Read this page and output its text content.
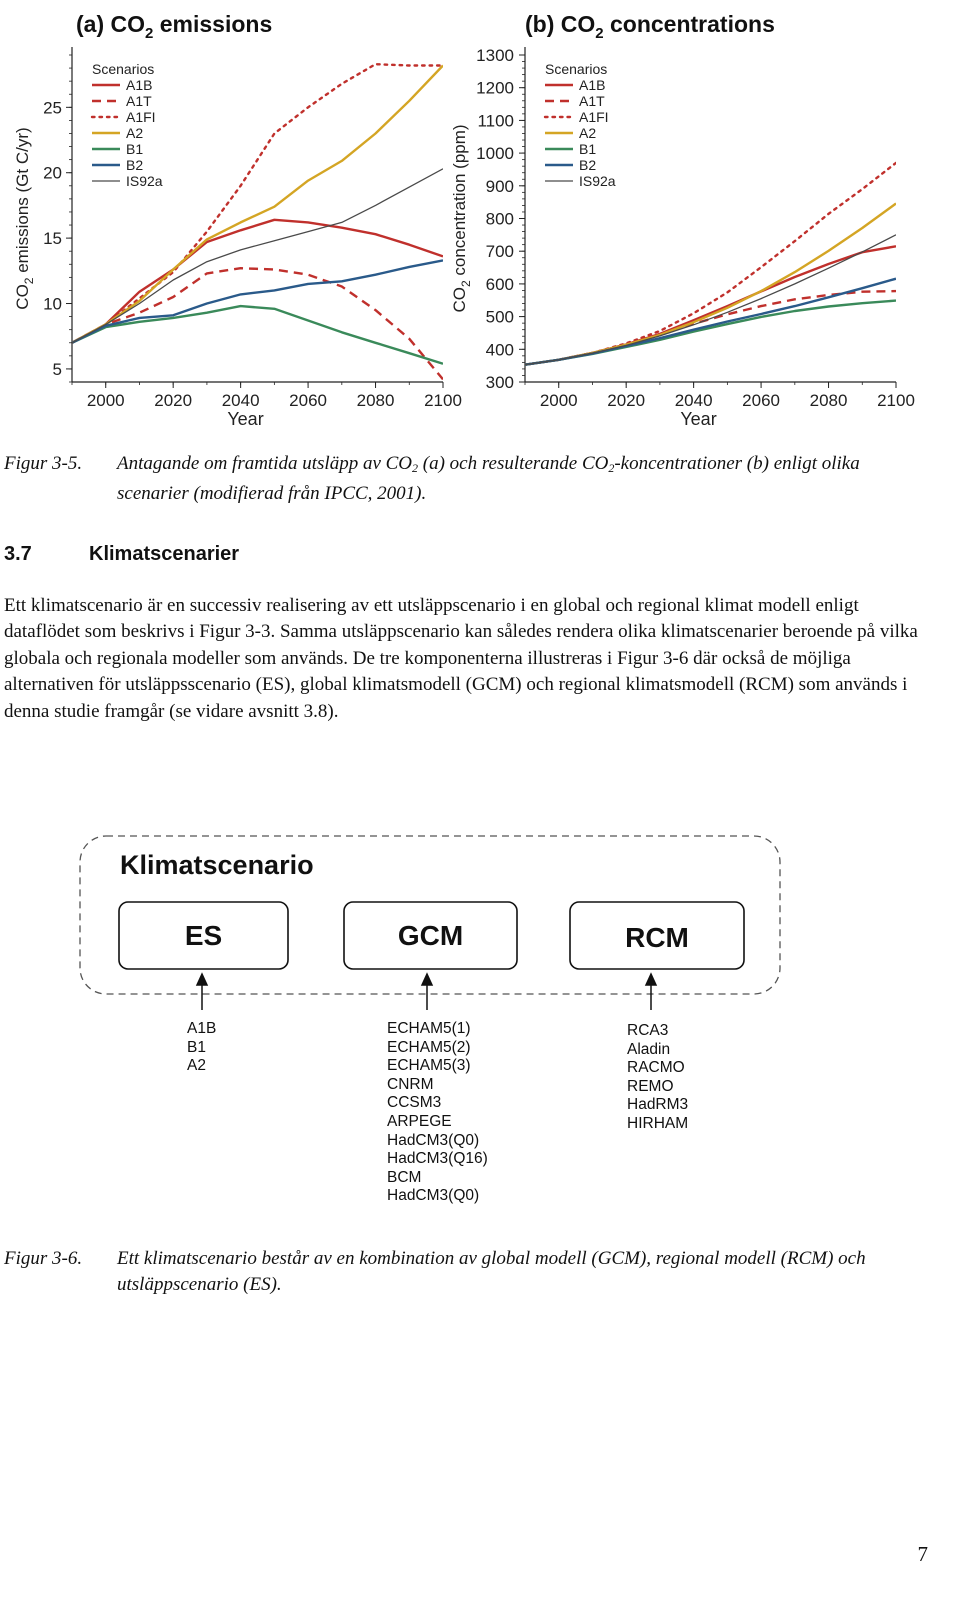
(a) $CO_2$ emissions
5
10
15
20
25
2000 2020 2040 2060 2080 2100
Year
$CO_2$ emissions (Gt C/yr)
Scenarios
A1B
A1T
A1FI
A2
B1
B2
IS92a
(b) $CO_2$ concentrations
300
400
500
600
700
800
900
1000
1100
1200
1300
2000 2020 2040 2060 2080 2100
Year
$CO_2$ concentration (ppm)
Scenarios
A1B
A1T
A1FI
A2
B1
B2
IS92a
Figur 3-5. Antagande om framtida utsläpp av $CO_2$ (a) och resulterande $CO_2$-koncentrationer (b) enligt olika scenarier (modifierad från IPCC, 2001).
3.7	Klimatscenarier

Ett klimatscenario är en successiv realisering av ett utsläppscenario i en global och regional klimat modell enligt dataflödet som beskrivs i Figur 3-3. Samma utsläppscenario kan således rendera olika klimatscenarier beroende på vilka globala och regionala modeller som används. De tre komponenterna illustreras i Figur 3-6 där också de möjliga alternativen för utsläppsscenario (ES), global klimatsmodell (GCM) och regional klimatsmodell (RCM) som används i denna studie framgår (se vidare avsnitt 3.8).

Klimatscenario
ES	GCM	RCM
A1B
B1
A2
ECHAM5(1)
ECHAM5(2)
ECHAM5(3)
CNRM
CCSM3
ARPEGE
HadCM3(Q0)
HadCM3(Q16)
BCM
HadCM3(Q0)
RCA3
Aladin
RACMO
REMO
HadRM3
HIRHAM
Figur 3-6. Ett klimatscenario består av en kombination av global modell (GCM), regional modell (RCM) och utsläppscenario (ES).
7
